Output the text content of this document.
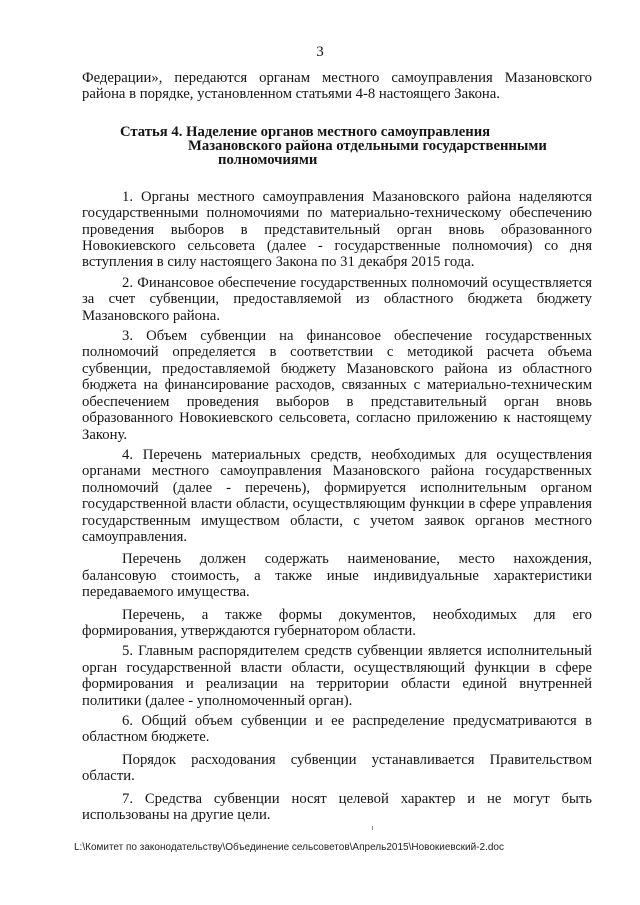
3

Федерации», передаются органам местного самоуправления Мазановского района в порядке, установленном статьями 4-8 настоящего Закона.

Статья 4. Наделение органов местного самоуправления
Мазановского района отдельными государственными
полномочиями

1. Органы местного самоуправления Мазановского района наделяются государственными полномочиями по материально-техническому обеспечению проведения выборов в представительный орган вновь образованного Новокиевского сельсовета (далее - государственные полномочия) со дня вступления в силу настоящего Закона по 31 декабря 2015 года.

2. Финансовое обеспечение государственных полномочий осуществляется за счет субвенции, предоставляемой из областного бюджета бюджету Мазановского района.

3. Объем субвенции на финансовое обеспечение государственных полномочий определяется в соответствии с методикой расчета объема субвенции, предоставляемой бюджету Мазановского района из областного бюджета на финансирование расходов, связанных с материально-техническим обеспечением проведения выборов в представительный орган вновь образованного Новокиевского сельсовета, согласно приложению к настоящему Закону.

4. Перечень материальных средств, необходимых для осуществления органами местного самоуправления Мазановского района государственных полномочий (далее - перечень), формируется исполнительным органом государственной власти области, осуществляющим функции в сфере управления государственным имуществом области, с учетом заявок органов местного самоуправления.

Перечень должен содержать наименование, место нахождения, балансовую стоимость, а также иные индивидуальные характеристики передаваемого имущества.

Перечень, а также формы документов, необходимых для его формирования, утверждаются губернатором области.

5. Главным распорядителем средств субвенции является исполнительный орган государственной власти области, осуществляющий функции в сфере формирования и реализации на территории области единой внутренней политики (далее - уполномоченный орган).

6. Общий объем субвенции и ее распределение предусматриваются в областном бюджете.

Порядок расходования субвенции устанавливается Правительством области.

7. Средства субвенции носят целевой характер и не могут быть использованы на другие цели.

L:\Комитет по законодательству\Объединение сельсоветов\Апрель2015\Новокиевский-2.doc
